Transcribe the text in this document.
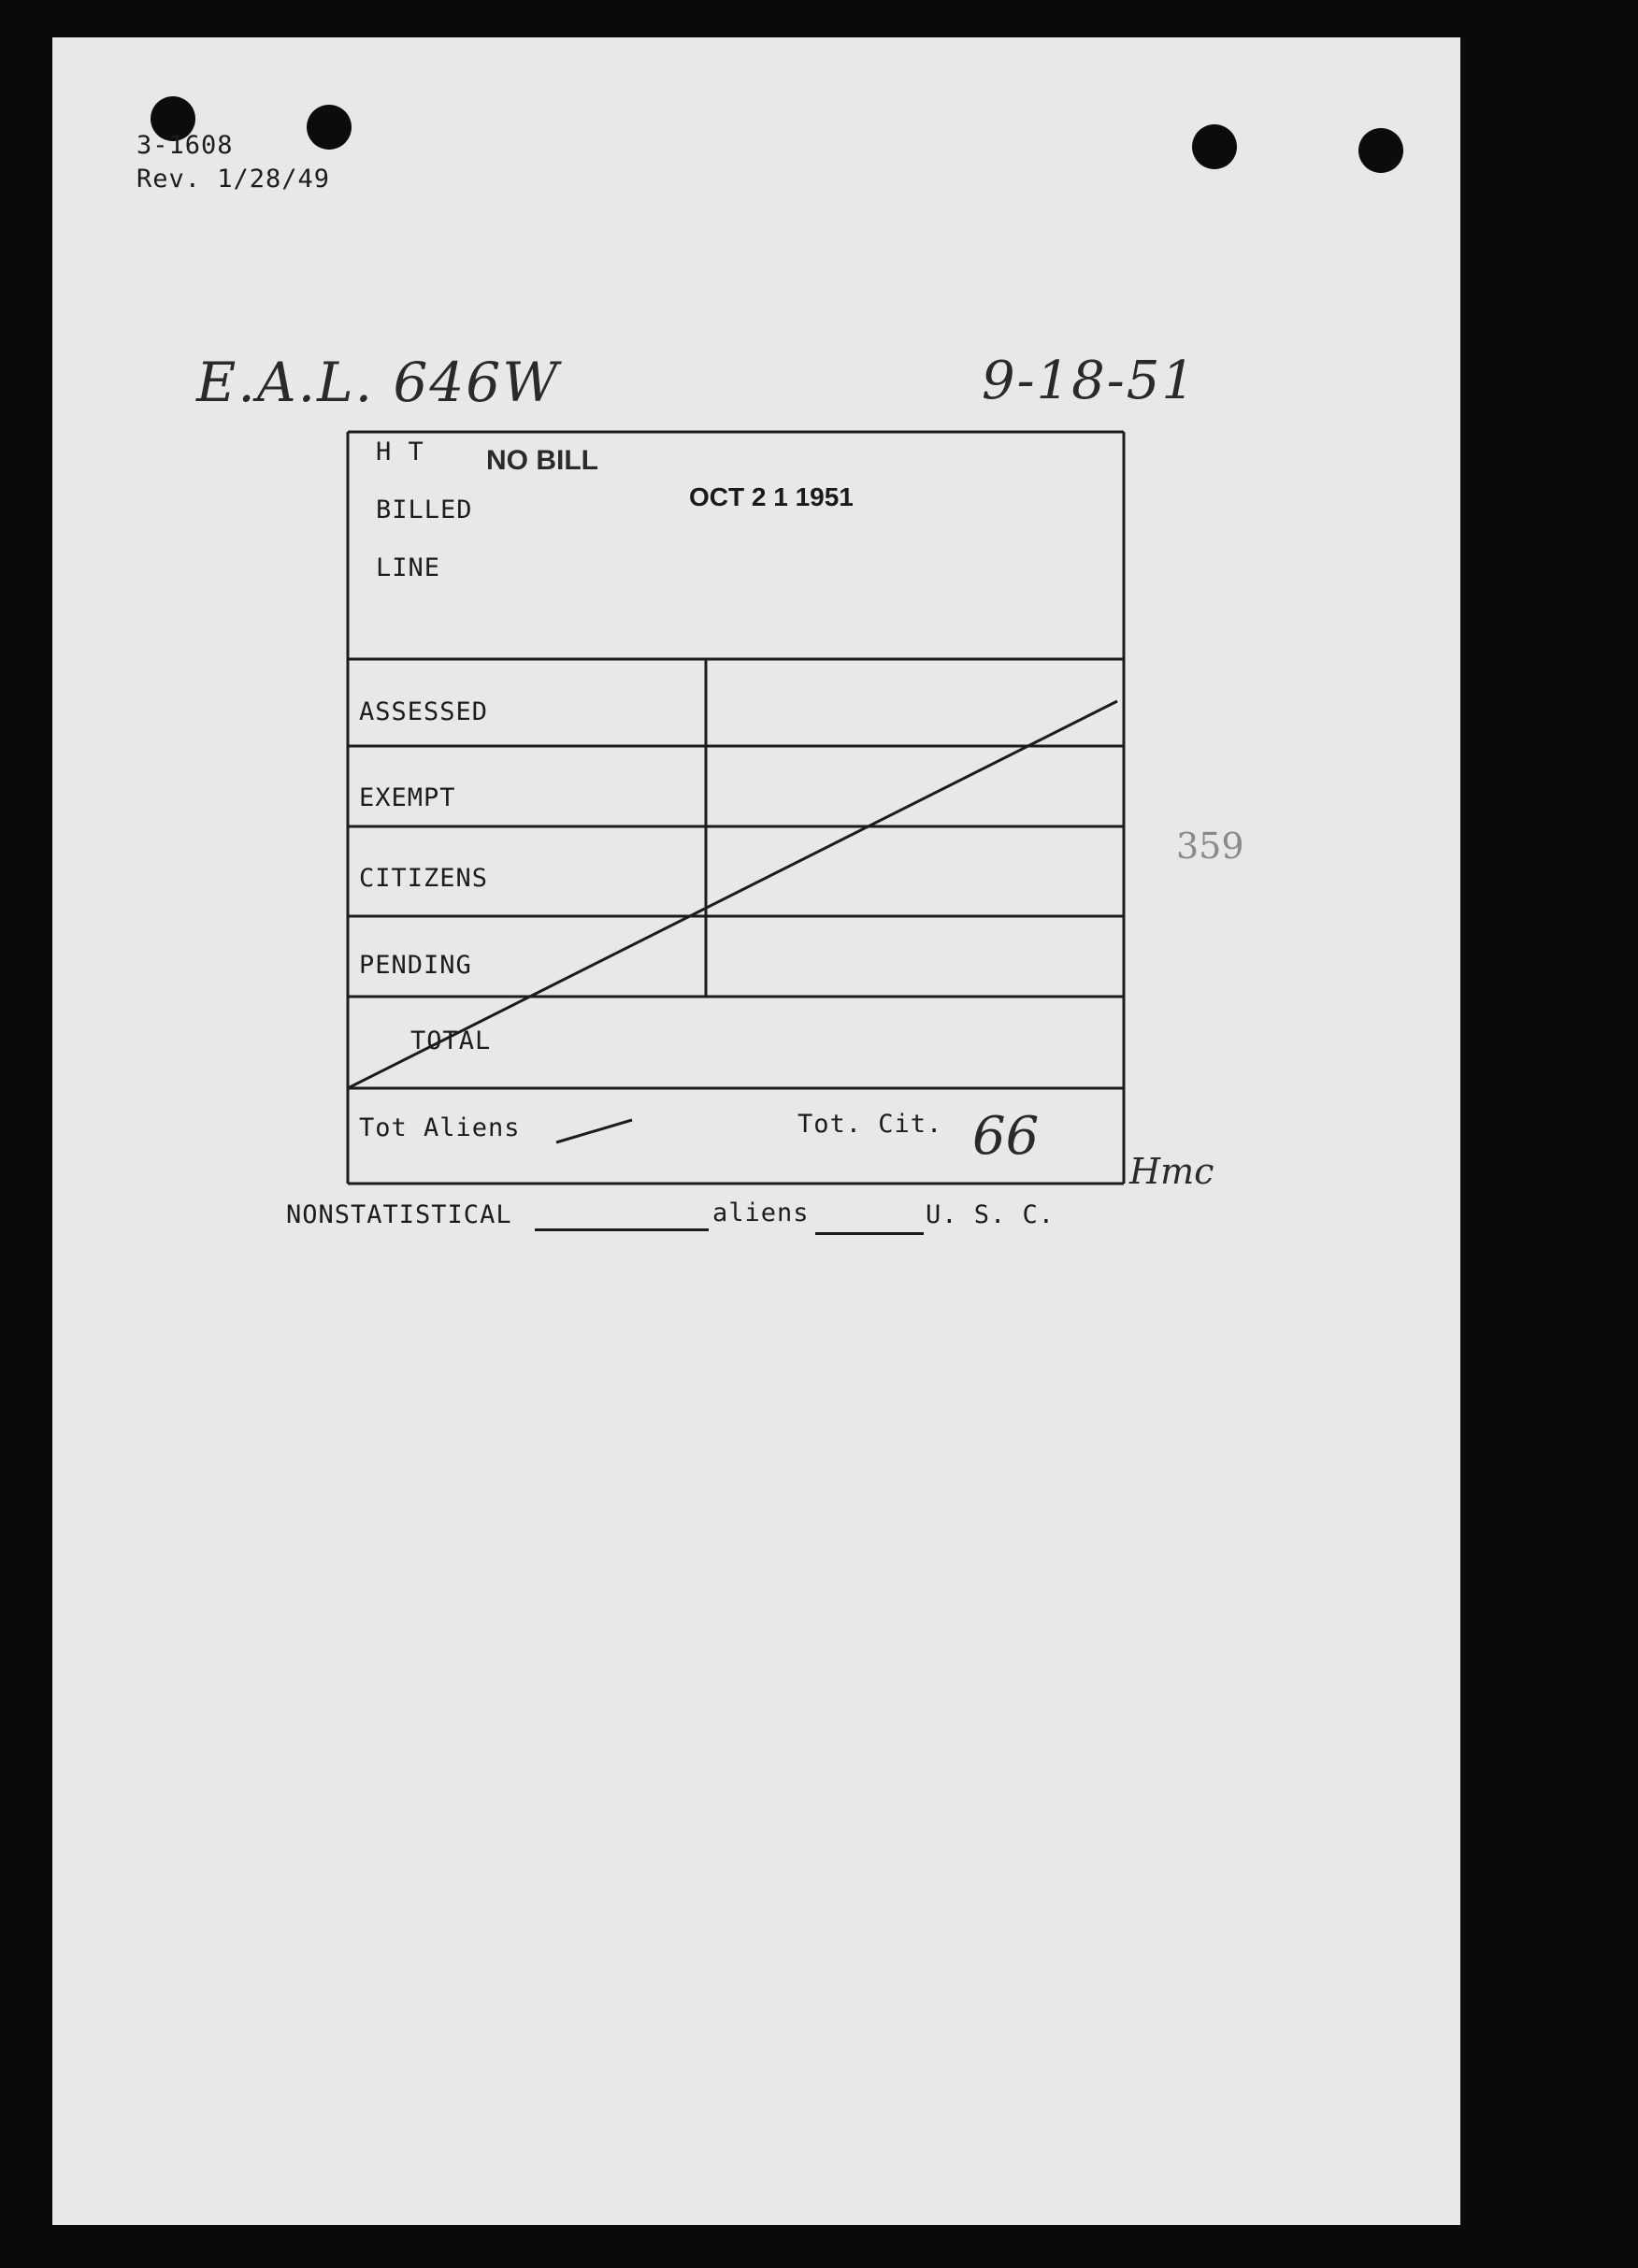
3-1608
Rev. 1/28/49
E.A.L. 646W	9-18-51
H T
BILLED
LINE
NO BILL
OCT 2 1 1951
ASSESSED
EXEMPT
CITIZENS
PENDING
TOTAL
Tot Aliens	Tot. Cit. 66
Hmc
NONSTATISTICAL	aliens	U. S. C.
359
